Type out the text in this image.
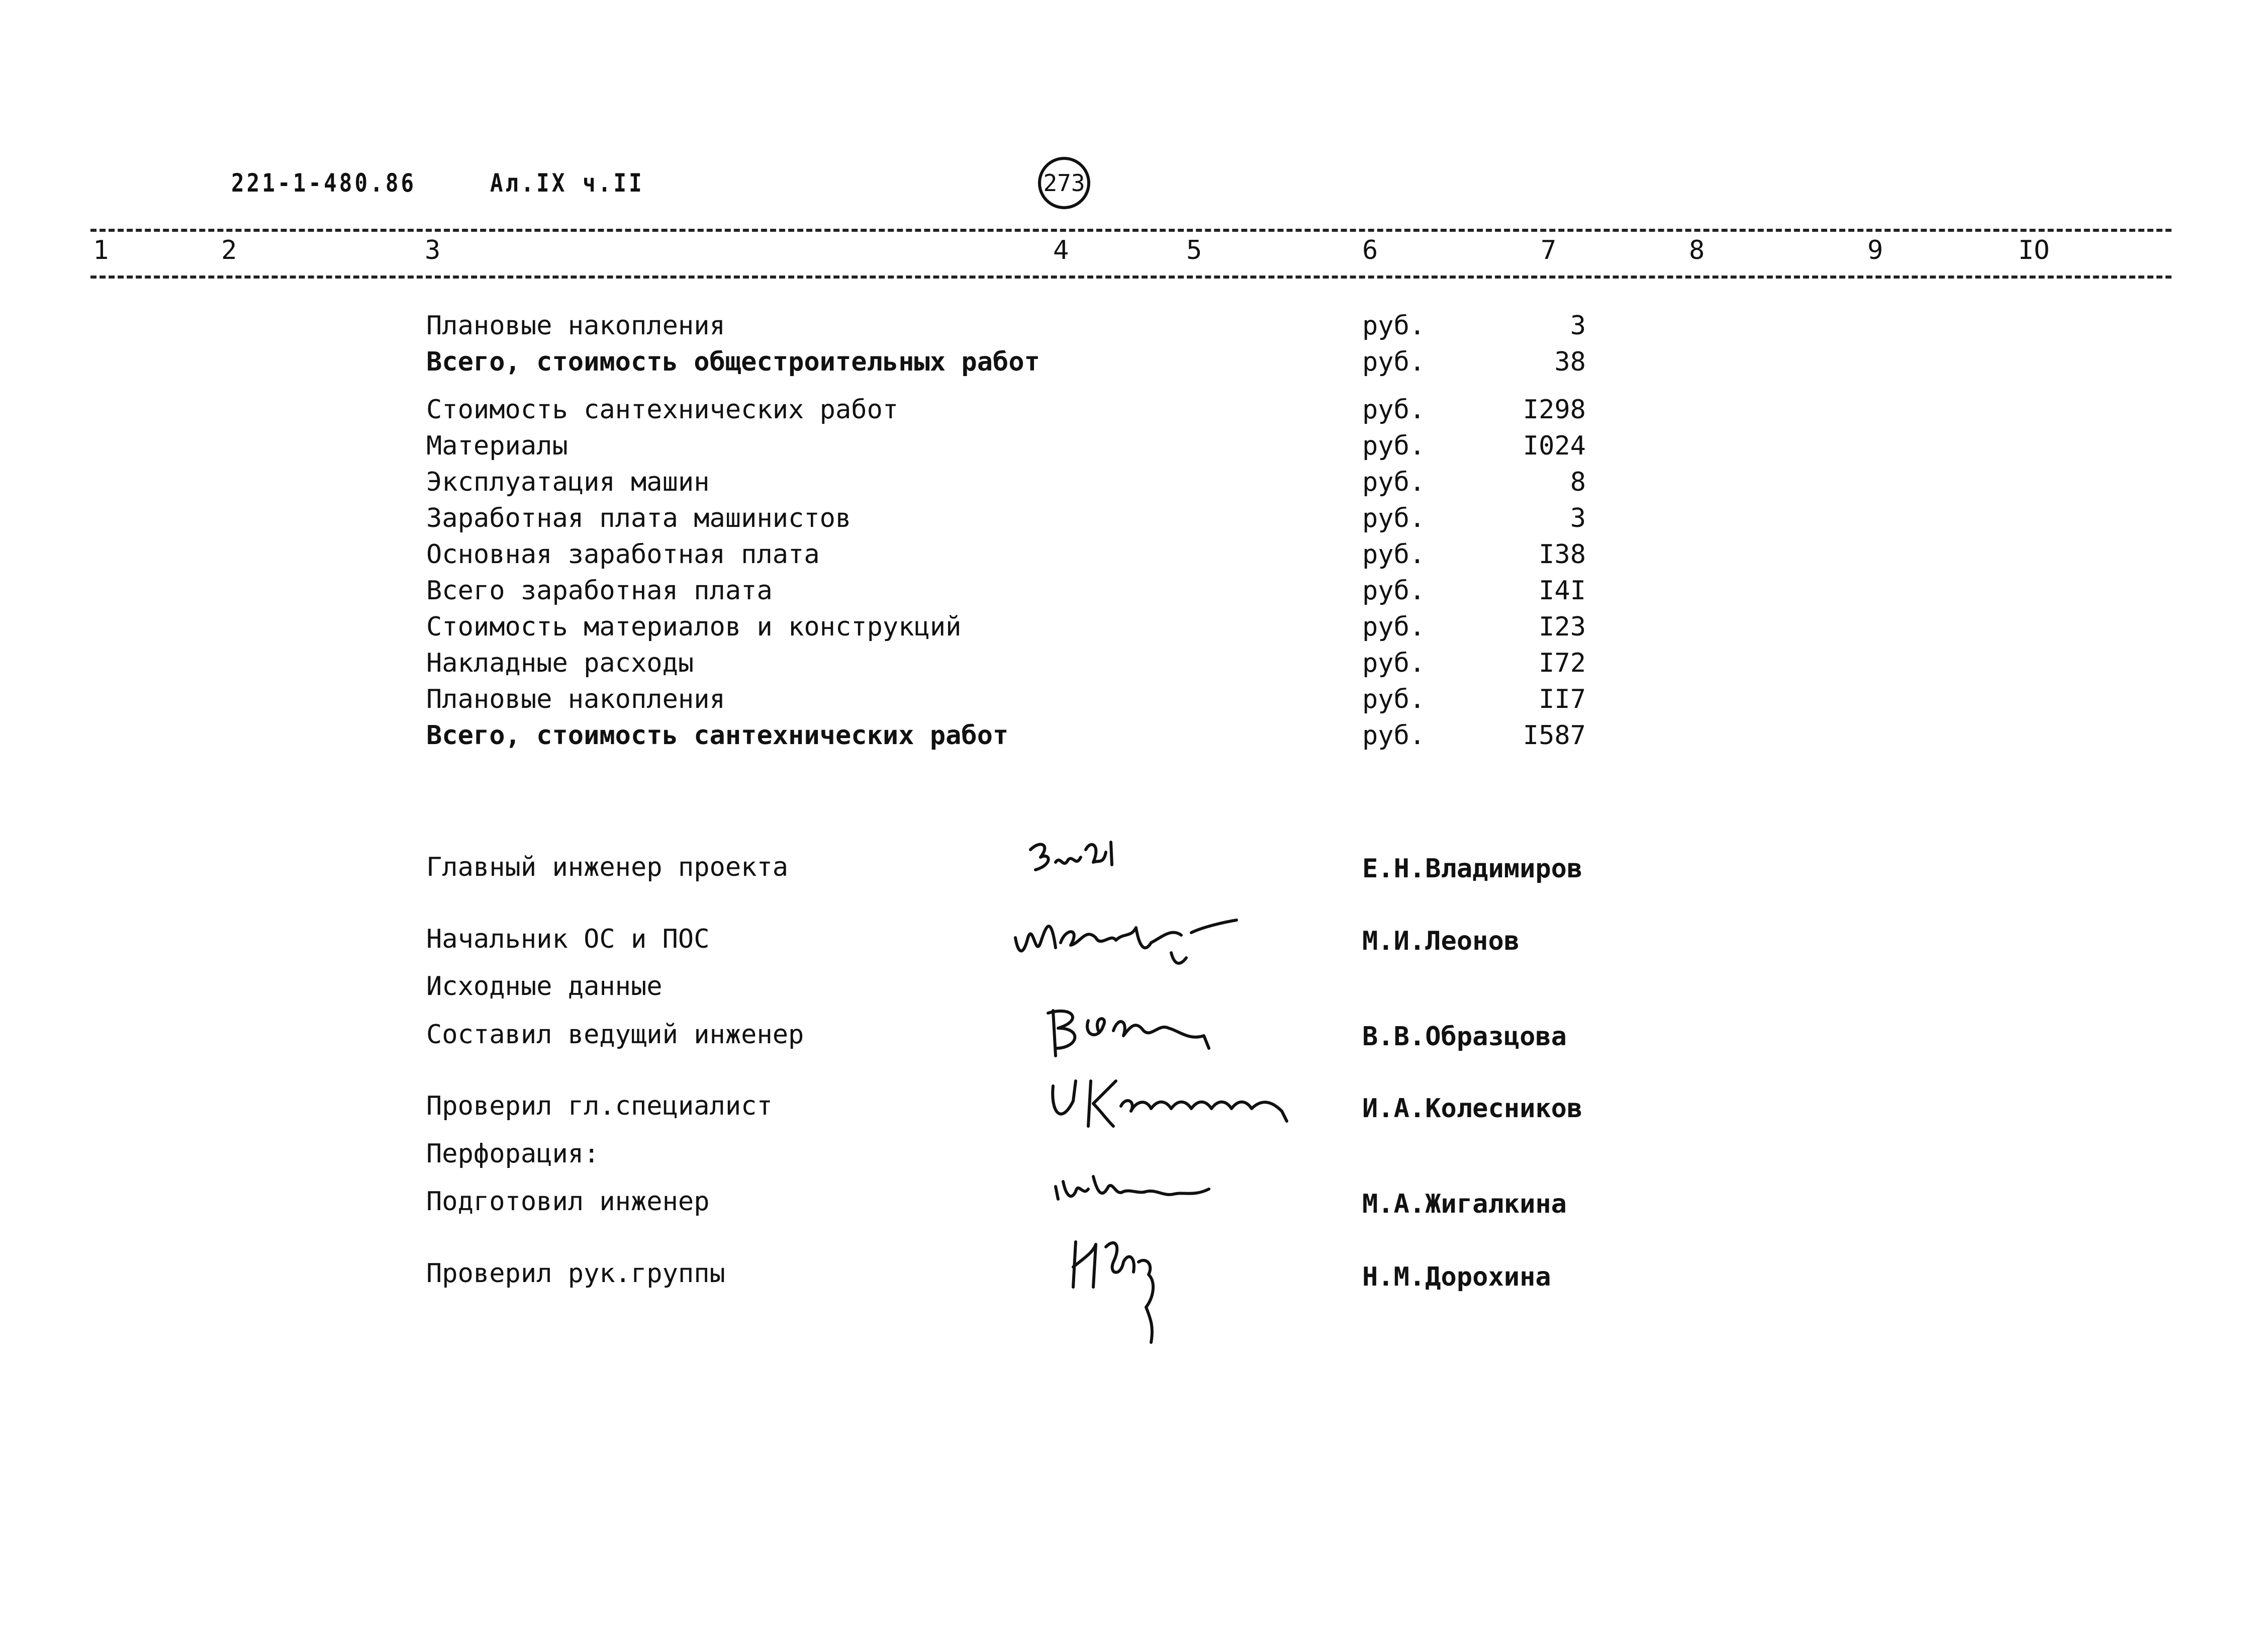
221-1-480.86	Ал.IX ч.II	273
1	2	3	4	5	6	7	8	9	IO
Плановые накопления	руб.	3
Всего, стоимость общестроительных работ	руб.	38
Стоимость сантехнических работ	руб.	I298
Материалы	руб.	I024
Эксплуатация машин	руб.	8
Заработная плата машинистов	руб.	3
Основная заработная плата	руб.	I38
Всего заработная плата	руб.	I4I
Стоимость материалов и конструкций	руб.	I23
Накладные расходы	руб.	I72
Плановые накопления	руб.	II7
Всего, стоимость сантехнических работ	руб.	I587
Главный инженер проекта	Е.Н.Владимиров
Начальник ОС и ПОС	М.И.Леонов
Исходные данные
Составил ведущий инженер	В.В.Образцова
Проверил гл.специалист	И.А.Колесников
Перфорация:
Подготовил инженер	М.А.Жигалкина
Проверил рук.группы	Н.М.Дорохина
